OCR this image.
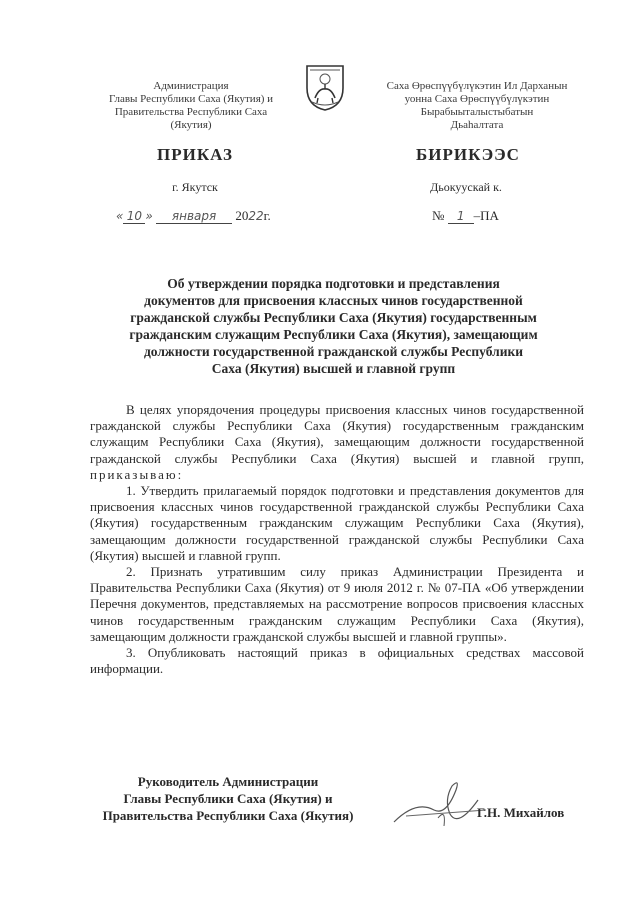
Администрация
Главы Республики Саха (Якутия) и
Правительства Республики Саха
(Якутия)
Саха Өрөспүүбүлүкэтин Ил Дарханын
уонна Саха Өрөспүүбүлүкэтин
Бырабыыталыстыбатын
Дьаһалтата
ПРИКАЗ	БИРИКЭЭС
г. Якутск	Дьокуускай к.
« 10 » января 2022г.	№ 1 –ПА
Об утверждении порядка подготовки и представления
документов для присвоения классных чинов государственной
гражданской службы Республики Саха (Якутия) государственным
гражданским служащим Республики Саха (Якутия), замещающим
должности государственной гражданской службы Республики
Саха (Якутия) высшей и главной групп

В целях упорядочения процедуры присвоения классных чинов государственной гражданской службы Республики Саха (Якутия) государственным гражданским служащим Республики Саха (Якутия), замещающим должности государственной гражданской службы Республики Саха (Якутия) высшей и главной групп, приказываю:

1. Утвердить прилагаемый порядок подготовки и представления документов для присвоения классных чинов государственной гражданской службы Республики Саха (Якутия) государственным гражданским служащим Республики Саха (Якутия), замещающим должности государственной гражданской службы Республики Саха (Якутия) высшей и главной групп.

2. Признать утратившим силу приказ Администрации Президента и Правительства Республики Саха (Якутия) от 9 июля 2012 г. № 07-ПА «Об утверждении Перечня документов, представляемых на рассмотрение вопросов присвоения классных чинов государственным гражданским служащим Республики Саха (Якутия), замещающим должности гражданской службы высшей и главной группы».

3. Опубликовать настоящий приказ в официальных средствах массовой информации.

Руководитель Администрации
Главы Республики Саха (Якутия) и
Правительства Республики Саха (Якутия)	Г.Н. Михайлов
